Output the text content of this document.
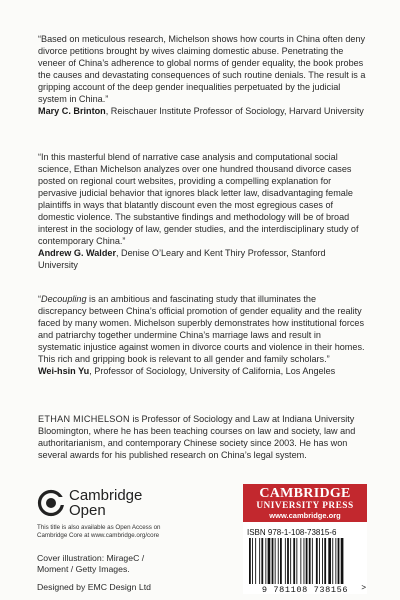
“Based on meticulous research, Michelson shows how courts in China often deny divorce petitions brought by wives claiming domestic abuse. Penetrating the veneer of China’s adherence to global norms of gender equality, the book probes the causes and devastating consequences of such routine denials. The result is a gripping account of the deep gender inequalities perpetuated by the judicial system in China.”

Mary C. Brinton, Reischauer Institute Professor of Sociology, Harvard University

“In this masterful blend of narrative case analysis and computational social science, Ethan Michelson analyzes over one hundred thousand divorce cases posted on regional court websites, providing a compelling explanation for pervasive judicial behavior that ignores black letter law, disadvantaging female plaintiffs in ways that blatantly discount even the most egregious cases of domestic violence. The substantive findings and methodology will be of broad interest in the sociology of law, gender studies, and the interdisciplinary study of contemporary China.”

Andrew G. Walder, Denise O’Leary and Kent Thiry Professor, Stanford University

“Decoupling is an ambitious and fascinating study that illuminates the discrepancy between China’s official promotion of gender equality and the reality faced by many women. Michelson superbly demonstrates how institutional forces and patriarchy together undermine China’s marriage laws and result in systematic injustice against women in divorce courts and violence in their homes. This rich and gripping book is relevant to all gender and family scholars.”

Wei-hsin Yu, Professor of Sociology, University of California, Los Angeles

ETHAN MICHELSON is Professor of Sociology and Law at Indiana University Bloomington, where he has been teaching courses on law and society, law and authoritarianism, and contemporary Chinese society since 2003. He has won several awards for his published research on China’s legal system.

Cambridge
Open
This title is also available as Open Access on Cambridge Core at www.cambridge.org/core
Cover illustration: MirageC / Moment / Getty Images.
Designed by EMC Design Ltd
CAMBRIDGE
UNIVERSITY PRESS
www.cambridge.org
ISBN 978-1-108-73815-6
9 781108 738156	>
